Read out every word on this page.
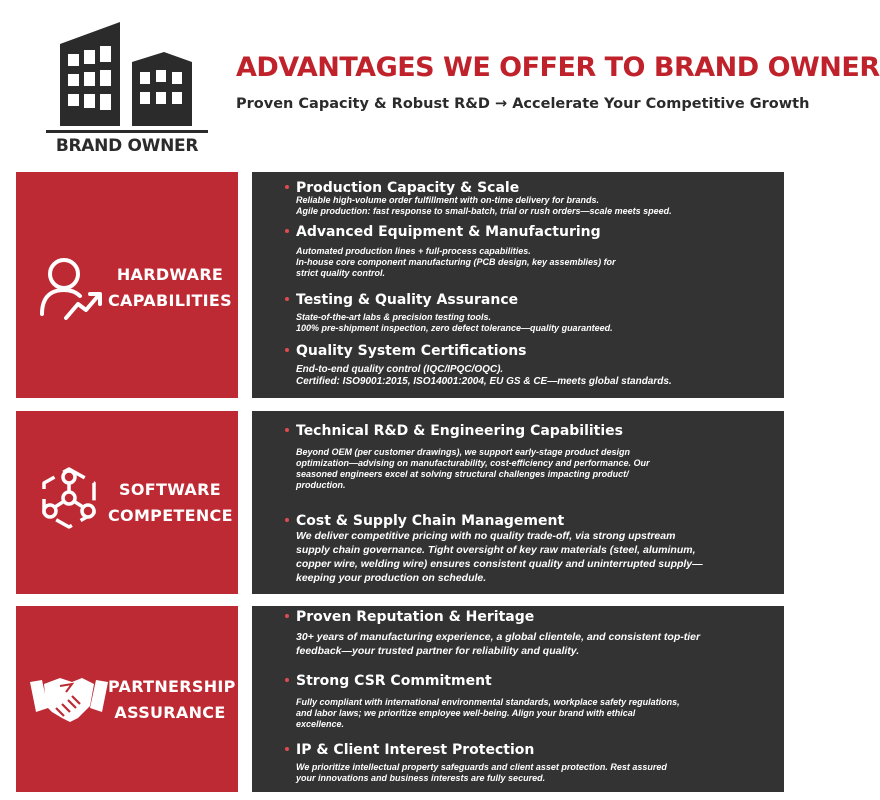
BRAND OWNER
ADVANTAGES WE OFFER TO BRAND OWNER
Proven Capacity & Robust R&D → Accelerate Your Competitive Growth
HARDWARE
CAPABILITIES
Production Capacity & Scale
Reliable high-volume order fulfillment with on-time delivery for brands.
Agile production: fast response to small-batch, trial or rush orders—scale meets speed.
Advanced Equipment & Manufacturing
Automated production lines + full-process capabilities.
In-house core component manufacturing (PCB design, key assemblies) for
strict quality control.
Testing & Quality Assurance
State-of-the-art labs & precision testing tools.
100% pre-shipment inspection, zero defect tolerance—quality guaranteed.
Quality System Certifications
End-to-end quality control (IQC/IPQC/OQC).
Certified: ISO9001:2015, ISO14001:2004, EU GS & CE—meets global standards.
SOFTWARE
COMPETENCE
Technical R&D & Engineering Capabilities
Beyond OEM (per customer drawings), we support early-stage product design
optimization—advising on manufacturability, cost-efficiency and performance. Our
seasoned engineers excel at solving structural challenges impacting product/
production.
Cost & Supply Chain Management
We deliver competitive pricing with no quality trade-off, via strong upstream
supply chain governance. Tight oversight of key raw materials (steel, aluminum,
copper wire, welding wire) ensures consistent quality and uninterrupted supply—
keeping your production on schedule.
PARTNERSHIP
ASSURANCE
Proven Reputation & Heritage
30+ years of manufacturing experience, a global clientele, and consistent top-tier
feedback—your trusted partner for reliability and quality.
Strong CSR Commitment
Fully compliant with international environmental standards, workplace safety regulations,
and labor laws; we prioritize employee well-being. Align your brand with ethical
excellence.
IP & Client Interest Protection
We prioritize intellectual property safeguards and client asset protection. Rest assured
your innovations and business interests are fully secured.
